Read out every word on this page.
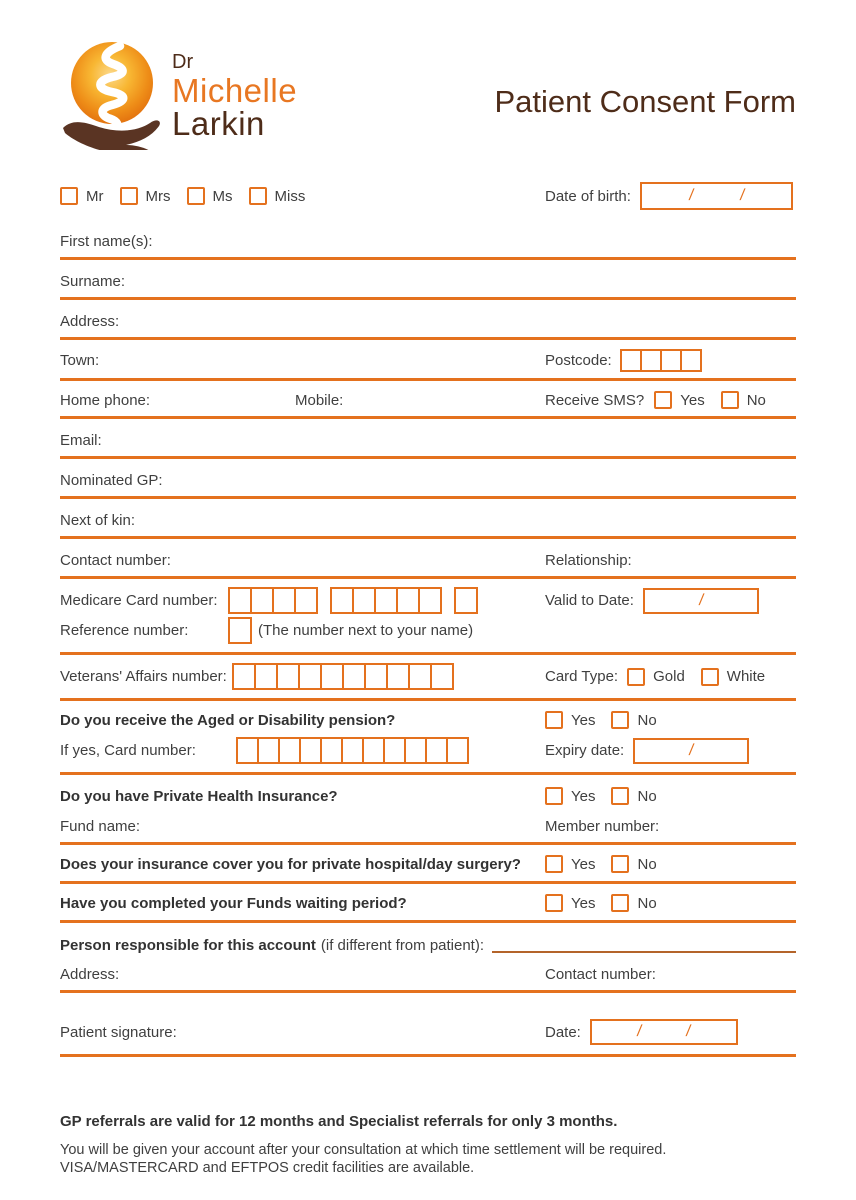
Dr
Michelle
Larkin
Patient Consent Form
Mr	Mrs	Ms	Miss	Date of birth:	/	/
First name(s):
Surname:
Address:
Town:	Postcode:
Home phone:	Mobile:	Receive SMS? Yes	No
Email:
Nominated GP:
Next of kin:
Contact number:	Relationship:
Medicare Card number:	Valid to Date:	/
Reference number:	(The number next to your name)
Veterans' Affairs number:	Card Type: Gold	White
Do you receive the Aged or Disability pension?	Yes	No
If yes, Card number:	Expiry date:	/
Do you have Private Health Insurance?	Yes	No
Fund name:	Member number:
Does your insurance cover you for private hospital/day surgery?	Yes	No
Have you completed your Funds waiting period?	Yes	No
Person responsible for this account (if different from patient):
Address:	Contact number:
Patient signature:	Date:	/	/
GP referrals are valid for 12 months and Specialist referrals for only 3 months.
You will be given your account after your consultation at which time settlement will be required.
VISA/MASTERCARD and EFTPOS credit facilities are available.
